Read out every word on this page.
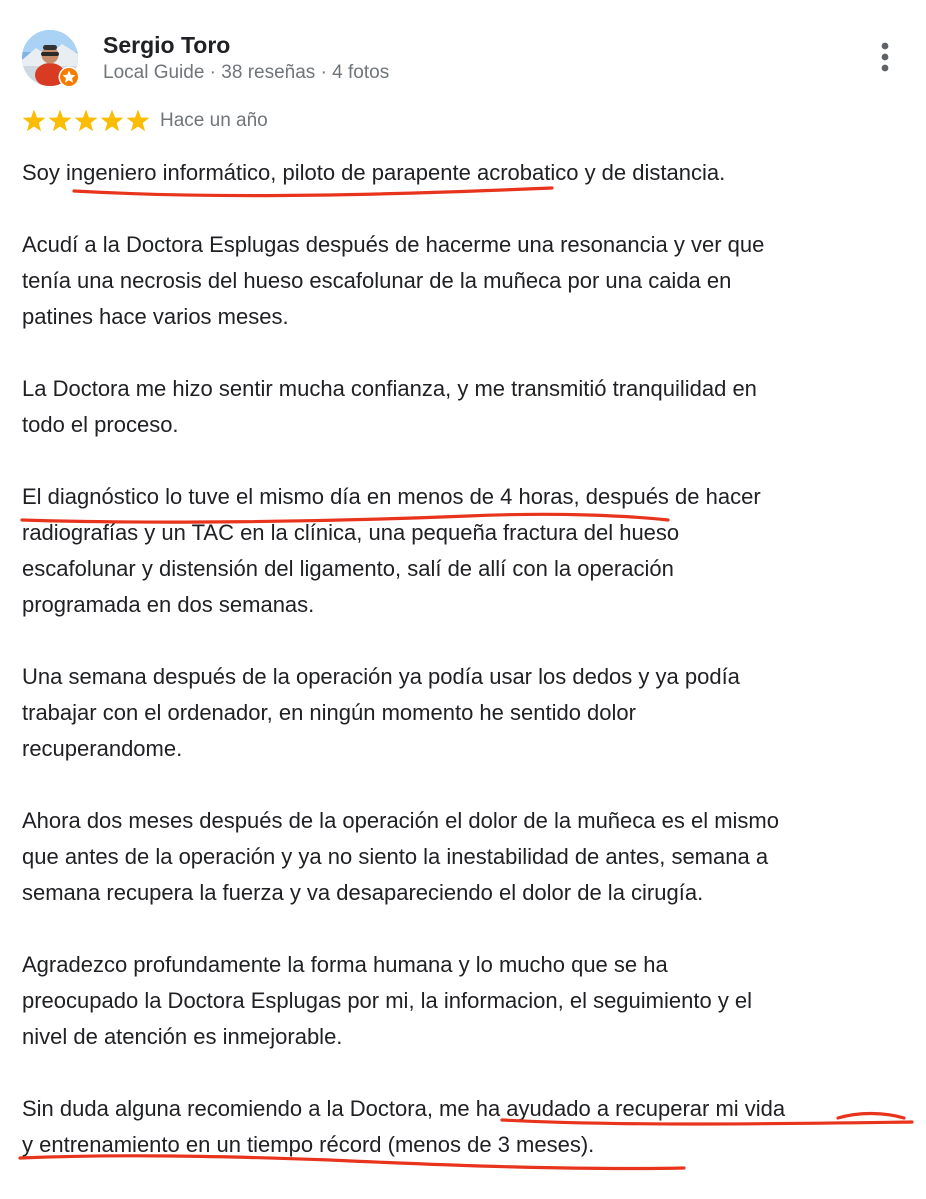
Sergio Toro
Local Guide · 38 reseñas · 4 fotos
Hace un año

Soy ingeniero informático, piloto de parapente acrobatico y de distancia.

Acudí a la Doctora Esplugas después de hacerme una resonancia y ver que
tenía una necrosis del hueso escafolunar de la muñeca por una caida en
patines hace varios meses.

La Doctora me hizo sentir mucha confianza, y me transmitió tranquilidad en
todo el proceso.

El diagnóstico lo tuve el mismo día en menos de 4 horas, después de hacer
radiografías y un TAC en la clínica, una pequeña fractura del hueso
escafolunar y distensión del ligamento, salí de allí con la operación
programada en dos semanas.

Una semana después de la operación ya podía usar los dedos y ya podía
trabajar con el ordenador, en ningún momento he sentido dolor
recuperandome.

Ahora dos meses después de la operación el dolor de la muñeca es el mismo
que antes de la operación y ya no siento la inestabilidad de antes, semana a
semana recupera la fuerza y va desapareciendo el dolor de la cirugía.

Agradezco profundamente la forma humana y lo mucho que se ha
preocupado la Doctora Esplugas por mi, la informacion, el seguimiento y el
nivel de atención es inmejorable.

Sin duda alguna recomiendo a la Doctora, me ha ayudado a recuperar mi vida
y entrenamiento en un tiempo récord (menos de 3 meses).
